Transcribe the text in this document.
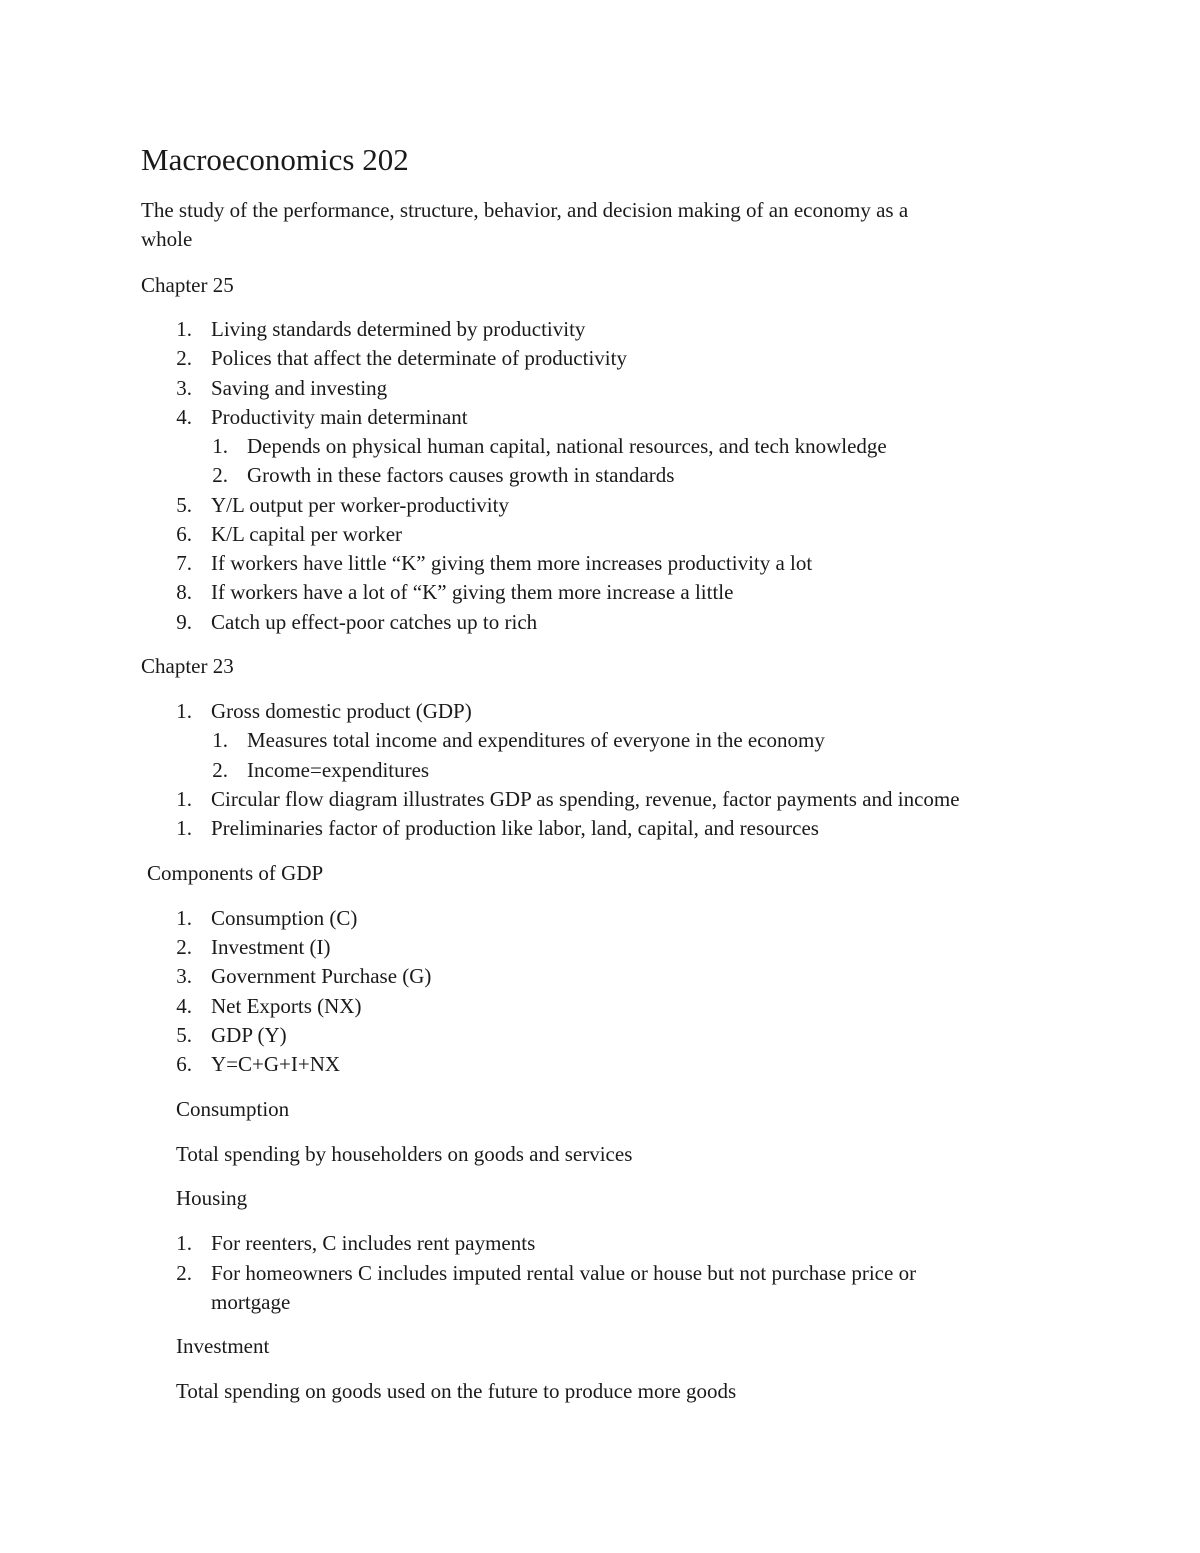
Macroeconomics 202
The study of the performance, structure, behavior, and decision making of an economy as a
whole
Chapter 25
1. Living standards determined by productivity
2. Polices that affect the determinate of productivity
3. Saving and investing
4. Productivity main determinant
1. Depends on physical human capital, national resources, and tech knowledge
2. Growth in these factors causes growth in standards
5. Y/L output per worker-productivity
6. K/L capital per worker
7. If workers have little “K” giving them more increases productivity a lot
8. If workers have a lot of “K” giving them more increase a little
9. Catch up effect-poor catches up to rich
Chapter 23
1. Gross domestic product (GDP)
1. Measures total income and expenditures of everyone in the economy
2. Income=expenditures
1. Circular flow diagram illustrates GDP as spending, revenue, factor payments and income
1. Preliminaries factor of production like labor, land, capital, and resources
Components of GDP
1. Consumption (C)
2. Investment (I)
3. Government Purchase (G)
4. Net Exports (NX)
5. GDP (Y)
6. Y=C+G+I+NX
Consumption
Total spending by householders on goods and services
Housing
1. For reenters, C includes rent payments
2. For homeowners C includes imputed rental value or house but not purchase price or
mortgage
Investment
Total spending on goods used on the future to produce more goods
